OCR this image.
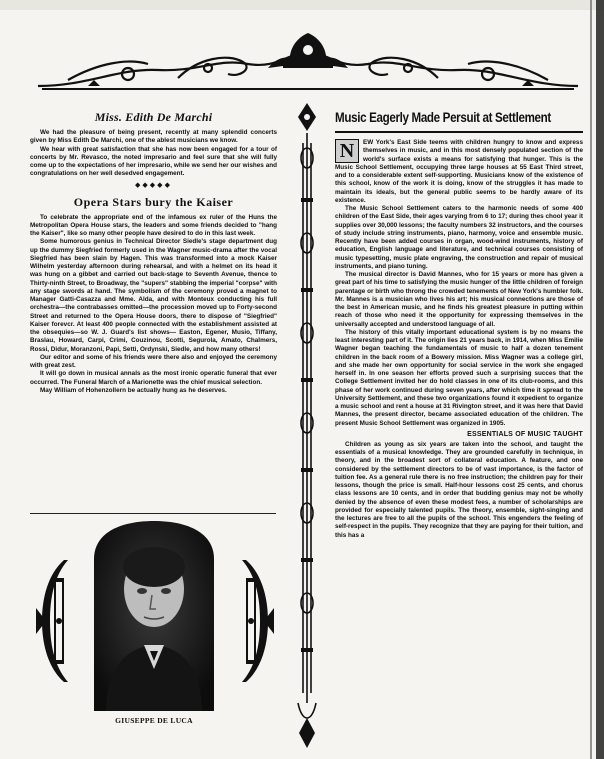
Miss. Edith De Marchi

We had the pleasure of being present, recently at many splendid concerts given by Miss Edith De Marchi, one of the ablest musicians we know.

We hear with great satisfaction that she has now been engaged for a tour of concerts by Mr. Revasco, the noted impresario and feel sure that she will fully come up to the expectations of her impresario, while we send her our wishes and congratulations on her well desedved engagement.

◆◆◆◆◆
Opera Stars bury the Kaiser

To celebrate the appropriate end of the infamous ex ruler of the Huns the Metropolitan Opera House stars, the leaders and some friends decided to "hang the Kaiser", like so many other people have desired to do in this last week.

Some humorous genius in Technical Director Siedle's stage department dug up the dummy Siegfried formerly used in the Wagner music-drama after the vocal Siegfried has been slain by Hagen. This was transformed into a mock Kaiser Wilhelm yesterday afternoon during rehearsal, and with a helmet on its head it was hung on a gibbet and carried out back-stage to Seventh Avenue, thence to Thirty-ninth Street, to Broadway, the "supers" stabbing the imperial "corpse" with any stage swords at hand. The symbolism of the ceremony proved a magnet to Manager Gatti-Casazza and Mme. Alda, and with Monteux conducting his full orchestra—the contrabasses omitted—the procession moved up to Forty-second Street and returned to the Opera House doors, there to dispose of "Siegfried" Kaiser forevcr. At least 400 people connected with the establishment assisted at the obsequies—so W. J. Guard's list shows— Easton, Egener, Musio, Tiffany, Braslau, Howard, Carpi, Crimi, Couzinou, Scotti, Segurola, Amato, Chalmers, Rossi, Didur, Moranzoni, Papi, Setti, Ordynski, Siedle, and how many others!

Our editor and some of his friends were there also and enjoyed the ceremony with great zest.

It will go down in musical annals as the most ironic operatic funeral that ever occurred. The Funeral March of a Marionette was the chief musical selection.

May William of Hohenzollern be actually hung as he deserves.

GIUSEPPE DE LUCA
Music Eagerly Made Persuit at Settlement
N	EW York's East Side teems with children hungry to know and express themselves in music, and in this most densely populated section of the world's surface exists a means for satisfying that hunger. This is the Music School Settlement, occupying three large houses at 55 East Third street, and to a considerable extent self-supporting. Musicians know of the existence of this school, know of the work it is doing, know of the struggles it has made to maintain its ideals, but the general public seems to be hardly aware of its existence.

The Music School Settlement caters to the harmonic needs of some 400 children of the East Side, their ages varying from 6 to 17; during thes chool year it supplies over 30,000 lessons; the faculty numbers 32 instructors, and the courses of study include string instruments, piano, harmony, voice and ensemble music. Recently have been added courses in organ, wood-wind instruments, history of education, English language and literature, and technical courses consisting of music typesetting, music plate engraving, the construction and repair of musical instruments, and piano tuning.

The musical director is David Mannes, who for 15 years or more has given a great part of his time to satisfying the music hunger of the little children of foreign parentage or birth who throng the crowded tenements of New York's humbler folk. Mr. Mannes is a musician who lives his art; his musical connections are those of the best in American music, and he finds his greatest pleasure in putting within reach of those who need it the opportunity for expressing themselves in the universally accepted and understood language of all.

The history of this vitally important educational system is by no means the least interesting part of it. The origin lies 21 years back, in 1914, when Miss Emilie Wagner began teaching the fundamentals of music to half a dozen tenement children in the back room of a Bowery mission. Miss Wagner was a college girl, and she made her own opportunity for social service in the work she engaged herself in. In one season her efforts proved such a surprising succes that the College Settlement invited her do hold classes in one of its club-rooms, and this phase of her work continued during seven years, after which time it spread to the University Settlement, and these two organizations found it expedient to organize a music school and rent a house at 31 Rivington street, and it was here that David Mannes, the present director, became associated education of the children. The present Music School Settlement was organized in 1905.

ESSENTIALS OF MUSIC TAUGHT

Children as young as six years are taken into the school, and taught the essentials of a musical knowledge. They are grounded carefully in technique, in theory, and in the broadest sort of collateral education. A feature, and one considered by the settlement directors to be of vast importance, is the factor of tuition fee. As a general rule there is no free instruction; the children pay for their lessons, though the price is small. Half-hour lessons cost 25 cents, and chorus class lessons are 10 cents, and in order that budding genius may not be wholly denied by the absence of even these modest fees, a number of scholarships are provided for especially talented pupils. The theory, ensemble, sight-singing and the lectures are free to all the pupils of the school. This engenders the feeling of self-respect in the pupils. They recognize that they are paying for their tuition, and this has a
